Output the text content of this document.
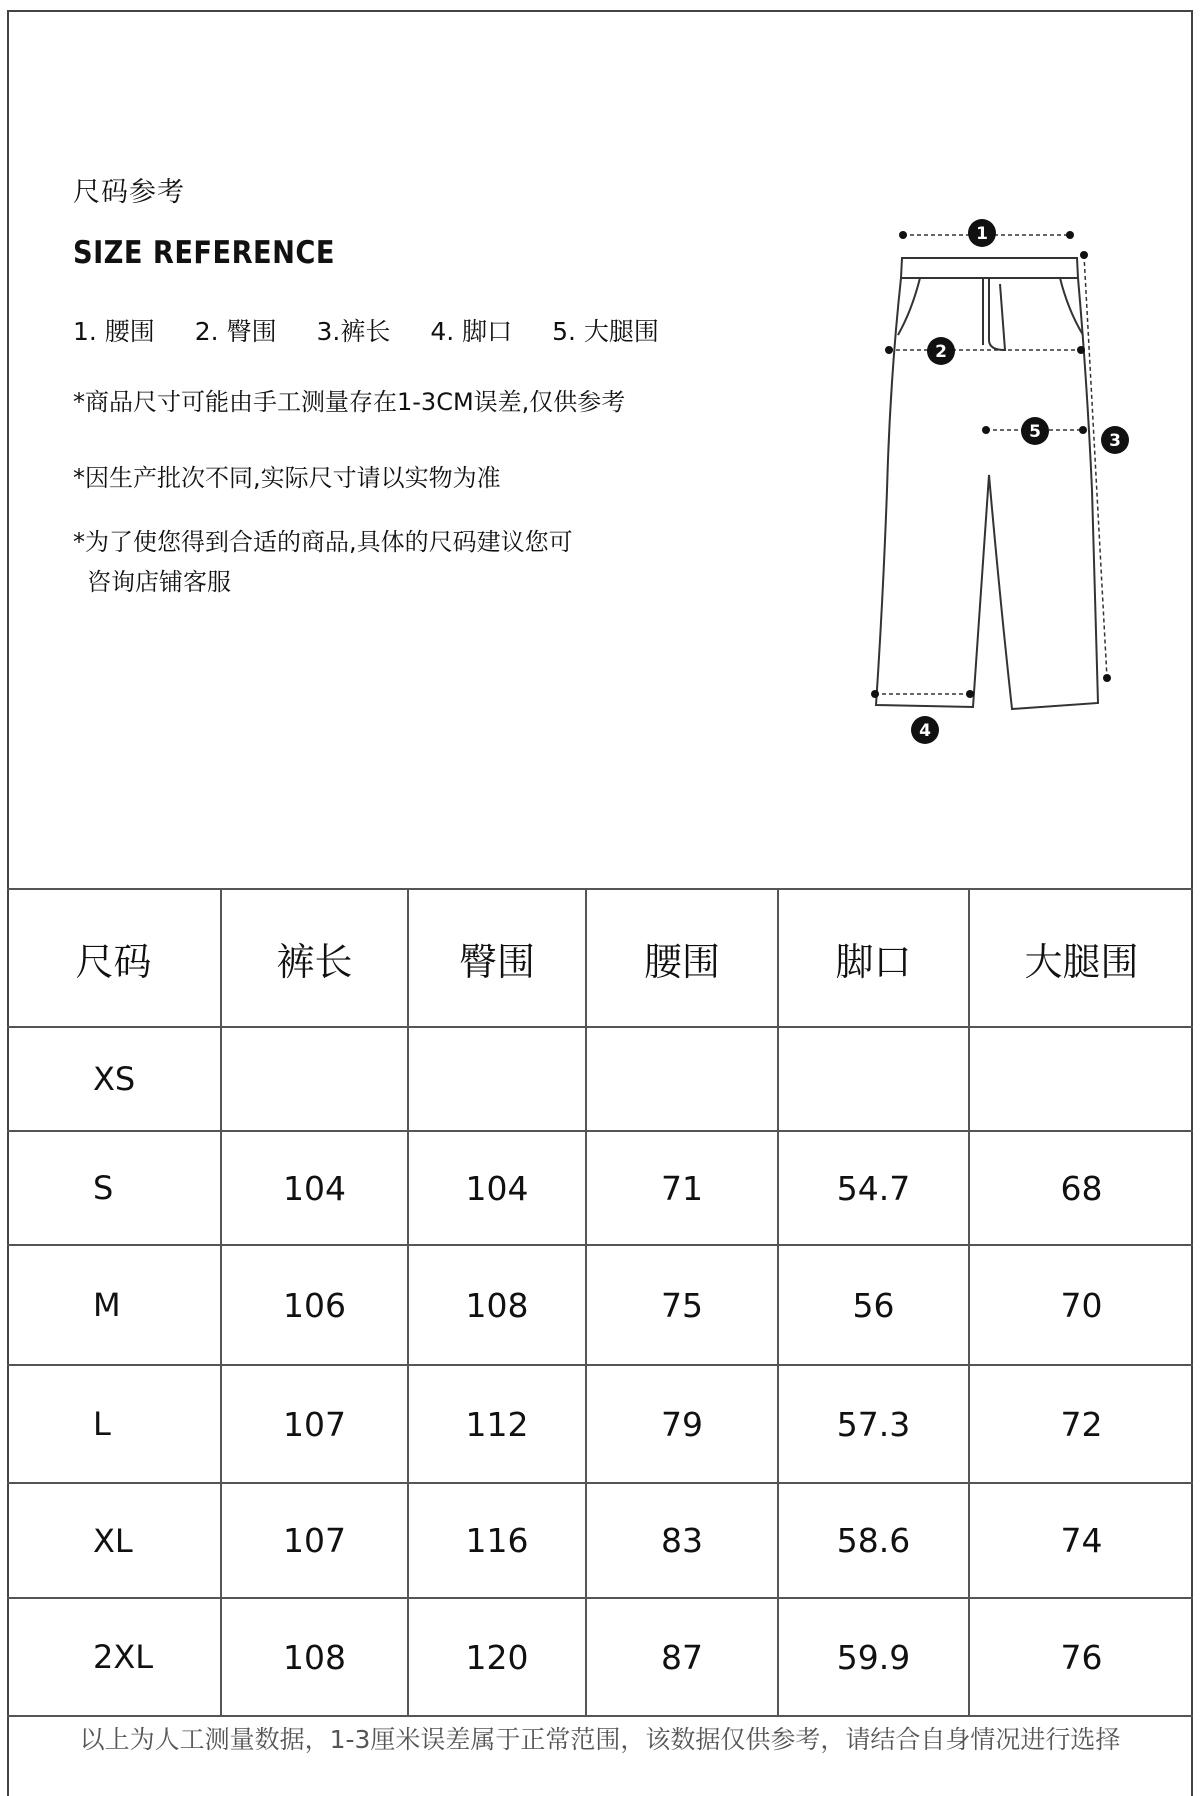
尺码参考
SIZE REFERENCE
1. 腰围 2. 臀围 3.裤长 4. 脚口 5. 大腿围
*商品尺寸可能由手工测量存在1-3CM误差,仅供参考
*因生产批次不同,实际尺寸请以实物为准
*为了使您得到合适的商品,具体的尺码建议您可
咨询店铺客服
1
2
3
4
5
尺码	裤长	臀围	腰围	脚口	大腿围
XS					
S	104	104	71	54.7	68
M	106	108	75	56	70
L	107	112	79	57.3	72
XL	107	116	83	58.6	74
2XL	108	120	87	59.9	76
以上为人工测量数据，1-3厘米误差属于正常范围，该数据仅供参考，请结合自身情况进行选择
